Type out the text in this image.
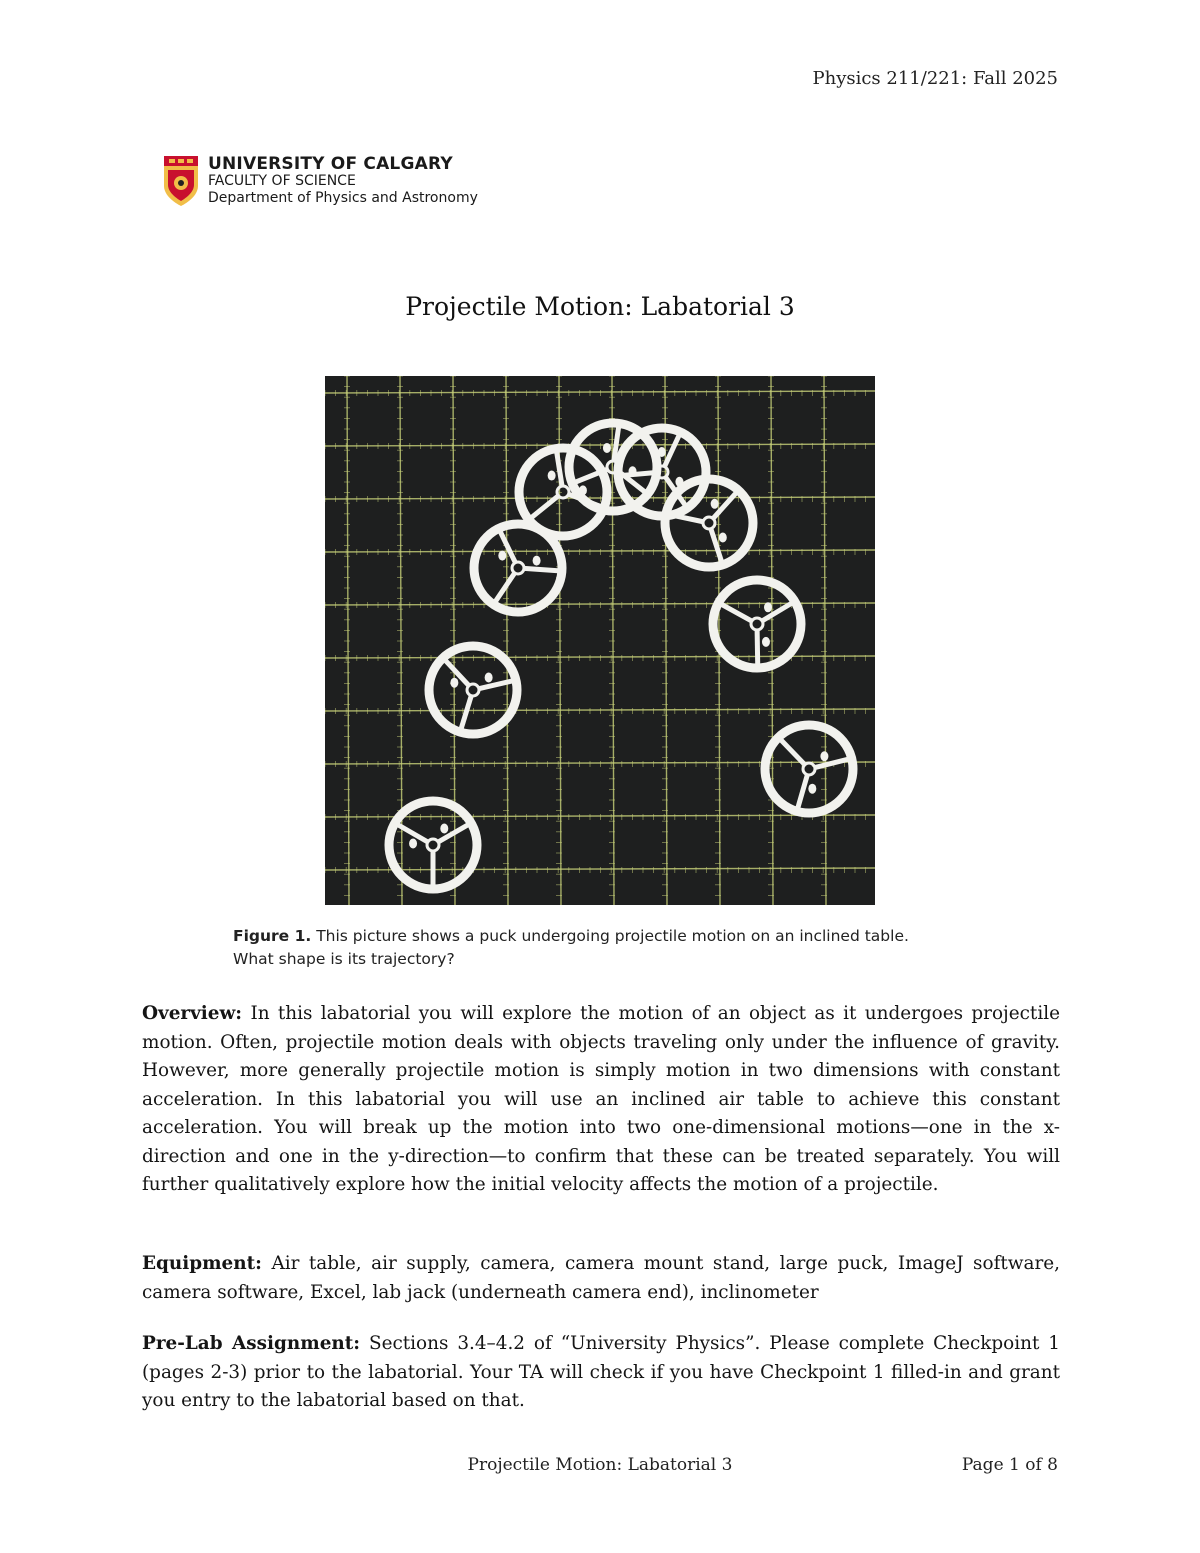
Physics 211/221: Fall 2025
UNIVERSITY OF CALGARY
FACULTY OF SCIENCE
Department of Physics and Astronomy
Projectile Motion: Labatorial 3
Figure 1. This picture shows a puck undergoing projectile motion on an inclined table.
What shape is its trajectory?
Overview: In this labatorial you will explore the motion of an object as it undergoes projectile motion. Often, projectile motion deals with objects traveling only under the influence of gravity. However, more generally projectile motion is simply motion in two dimensions with constant acceleration. In this labatorial you will use an inclined air table to achieve this constant acceleration. You will break up the motion into two one-dimensional motions—one in the x-direction and one in the y-direction—to confirm that these can be treated separately. You will further qualitatively explore how the initial velocity affects the motion of a projectile.
Equipment: Air table, air supply, camera, camera mount stand, large puck, ImageJ software, camera software, Excel, lab jack (underneath camera end), inclinometer
Pre-Lab Assignment: Sections 3.4–4.2 of “University Physics”. Please complete Checkpoint 1 (pages 2-3) prior to the labatorial. Your TA will check if you have Checkpoint 1 filled-in and grant you entry to the labatorial based on that.
Projectile Motion: Labatorial 3	Page 1 of 8
